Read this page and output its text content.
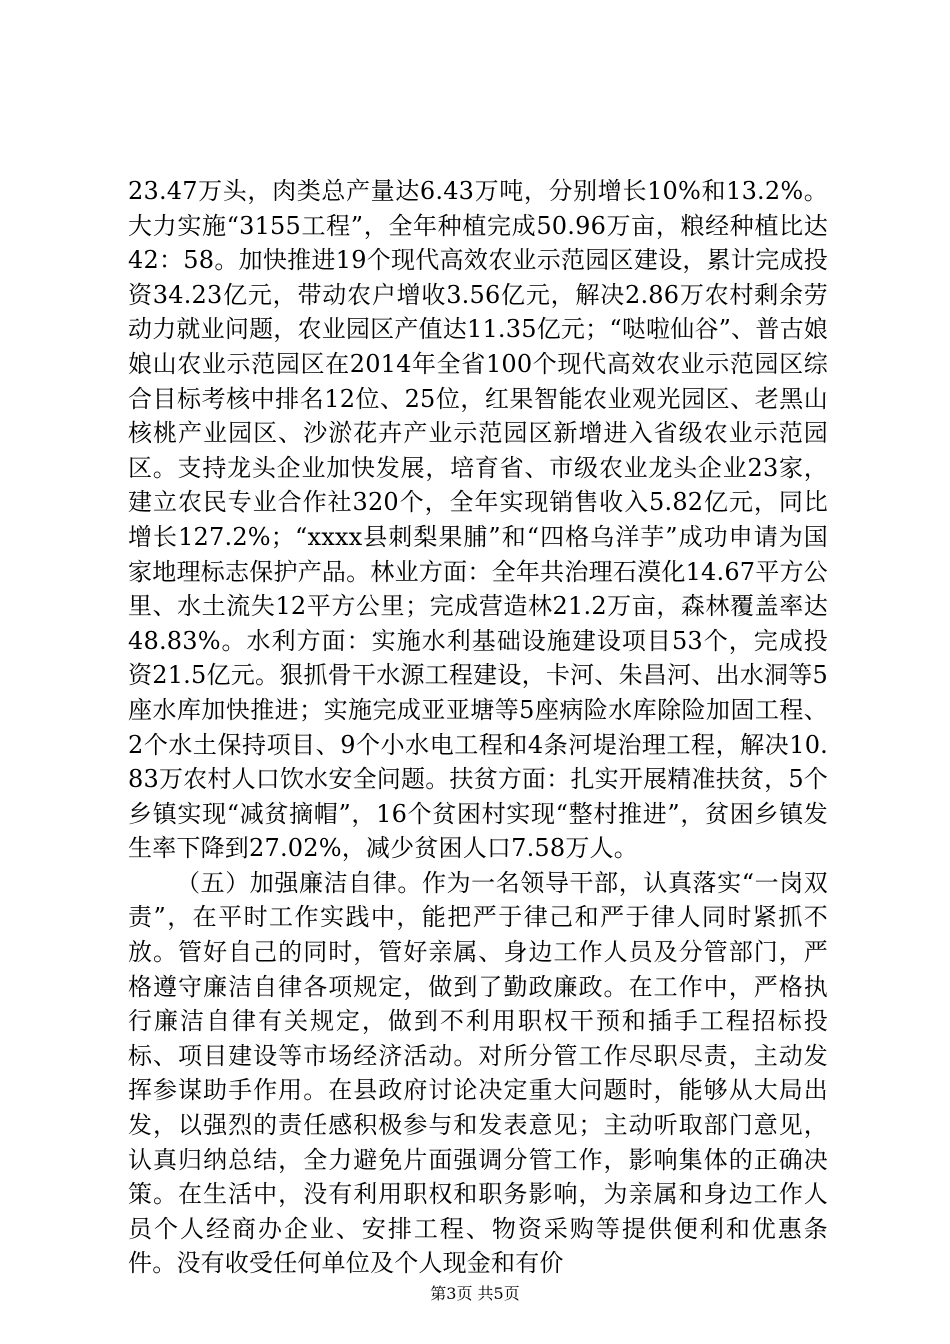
23.47万头，肉类总产量达6.43万吨，分别增长10%和13.2%。大力实施“3155工程”，全年种植完成50.96万亩，粮经种植比达42：58。加快推进19个现代高效农业示范园区建设，累计完成投资34.23亿元，带动农户增收3.56亿元，解决2.86万农村剩余劳动力就业问题，农业园区产值达11.35亿元；“哒啦仙谷”、普古娘娘山农业示范园区在2014年全省100个现代高效农业示范园区综合目标考核中排名12位、25位，红果智能农业观光园区、老黑山核桃产业园区、沙淤花卉产业示范园区新增进入省级农业示范园区。支持龙头企业加快发展，培育省、市级农业龙头企业23家，建立农民专业合作社320个，全年实现销售收入5.82亿元，同比增长127.2%；“xxxx县刺梨果脯”和“四格乌洋芋”成功申请为国家地理标志保护产品。林业方面：全年共治理石漠化14.67平方公里、水土流失12平方公里；完成营造林21.2万亩，森林覆盖率达48.83%。水利方面：实施水利基础设施建设项目53个，完成投资21.5亿元。狠抓骨干水源工程建设，卡河、朱昌河、出水洞等5座水库加快推进；实施完成亚亚塘等5座病险水库除险加固工程、2个水土保持项目、9个小水电工程和4条河堤治理工程，解决10.83万农村人口饮水安全问题。扶贫方面：扎实开展精准扶贫，5个乡镇实现“减贫摘帽”，16个贫困村实现“整村推进”，贫困乡镇发生率下降到27.02%，减少贫困人口7.58万人。

（五）加强廉洁自律。作为一名领导干部，认真落实“一岗双责”，在平时工作实践中，能把严于律己和严于律人同时紧抓不放。管好自己的同时，管好亲属、身边工作人员及分管部门，严格遵守廉洁自律各项规定，做到了勤政廉政。在工作中，严格执行廉洁自律有关规定，做到不利用职权干预和插手工程招标投标、项目建设等市场经济活动。对所分管工作尽职尽责，主动发挥参谋助手作用。在县政府讨论决定重大问题时，能够从大局出发，以强烈的责任感积极参与和发表意见；主动听取部门意见，认真归纳总结，全力避免片面强调分管工作，影响集体的正确决策。在生活中，没有利用职权和职务影响，为亲属和身边工作人员个人经商办企业、安排工程、物资采购等提供便利和优惠条件。没有收受任何单位及个人现金和有价

第3页 共5页
